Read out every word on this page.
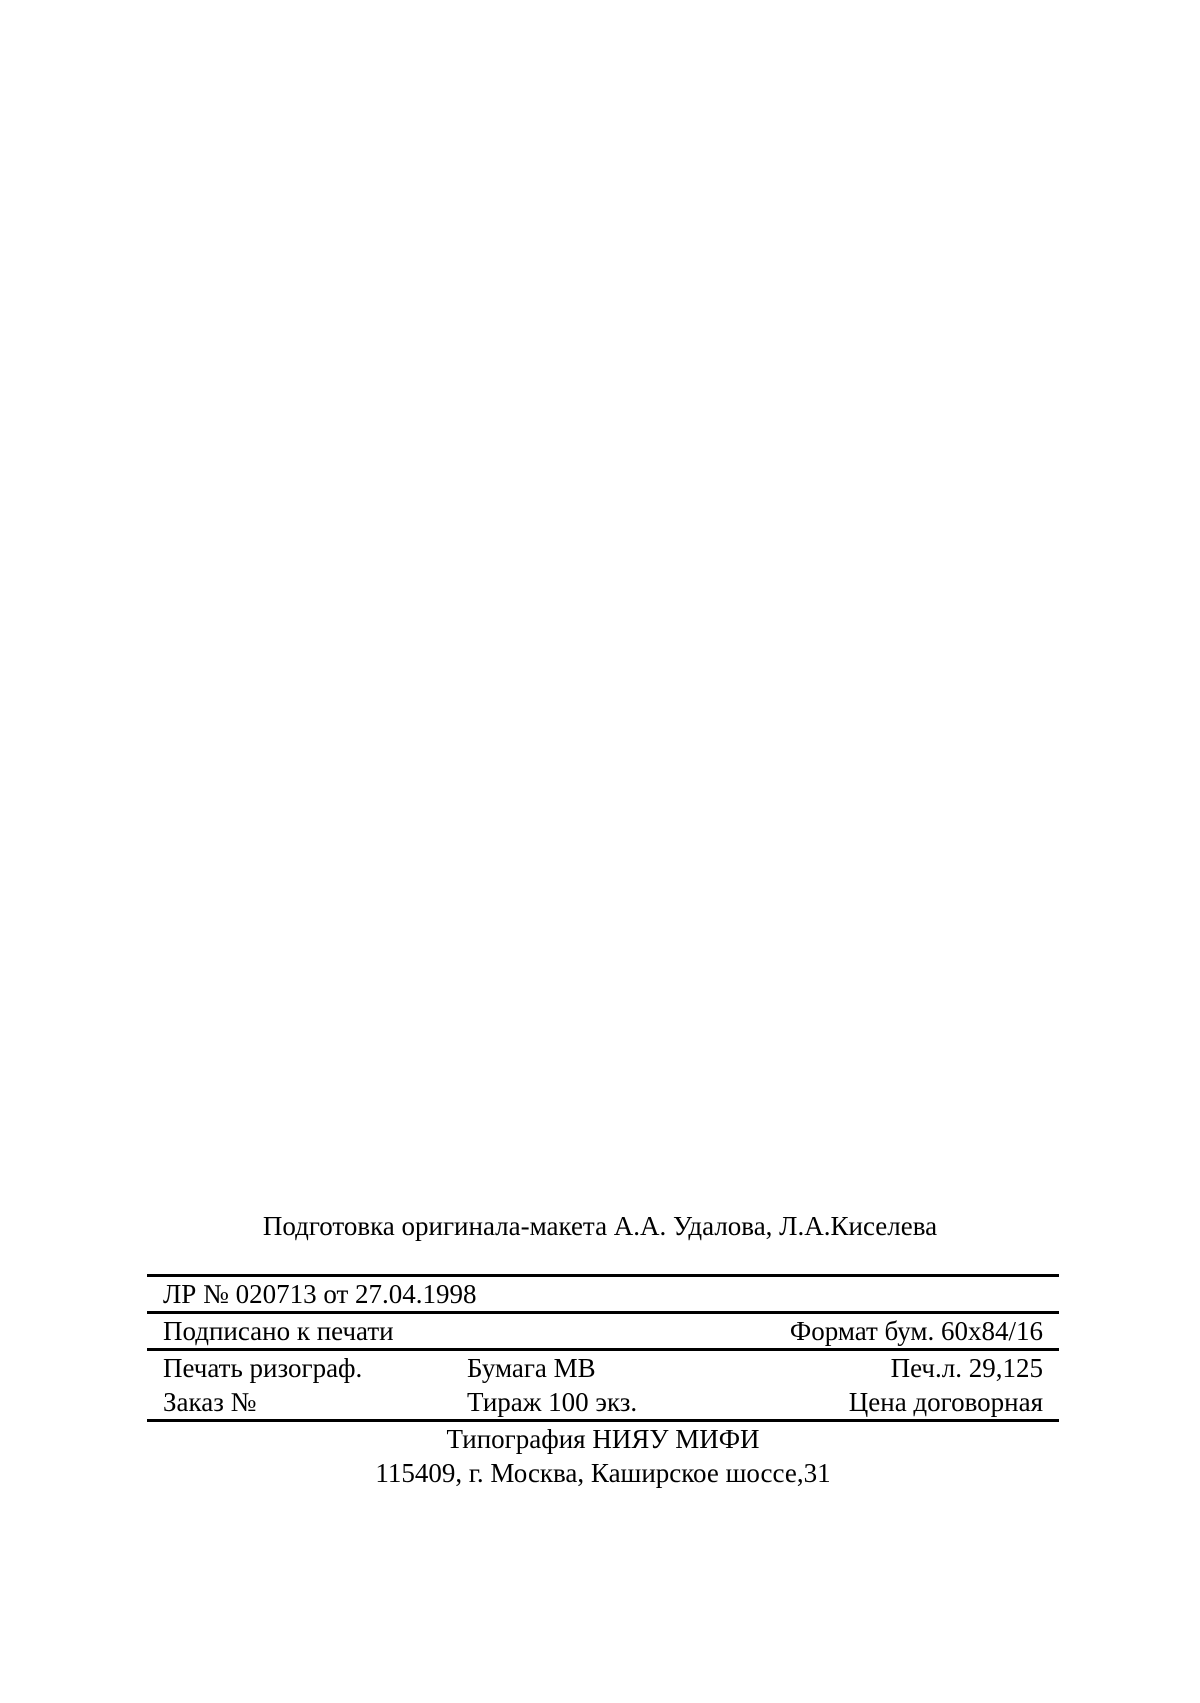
Подготовка оригинала-макета А.А. Удалова, Л.А.Киселева
ЛР № 020713 от 27.04.1998
Подписано к печати	Формат бум. 60x84/16
Печать ризограф.	Бумага МВ	Печ.л. 29,125
Заказ №	Тираж 100 экз.	Цена договорная
Типография НИЯУ МИФИ
115409, г. Москва, Каширское шоссе,31
